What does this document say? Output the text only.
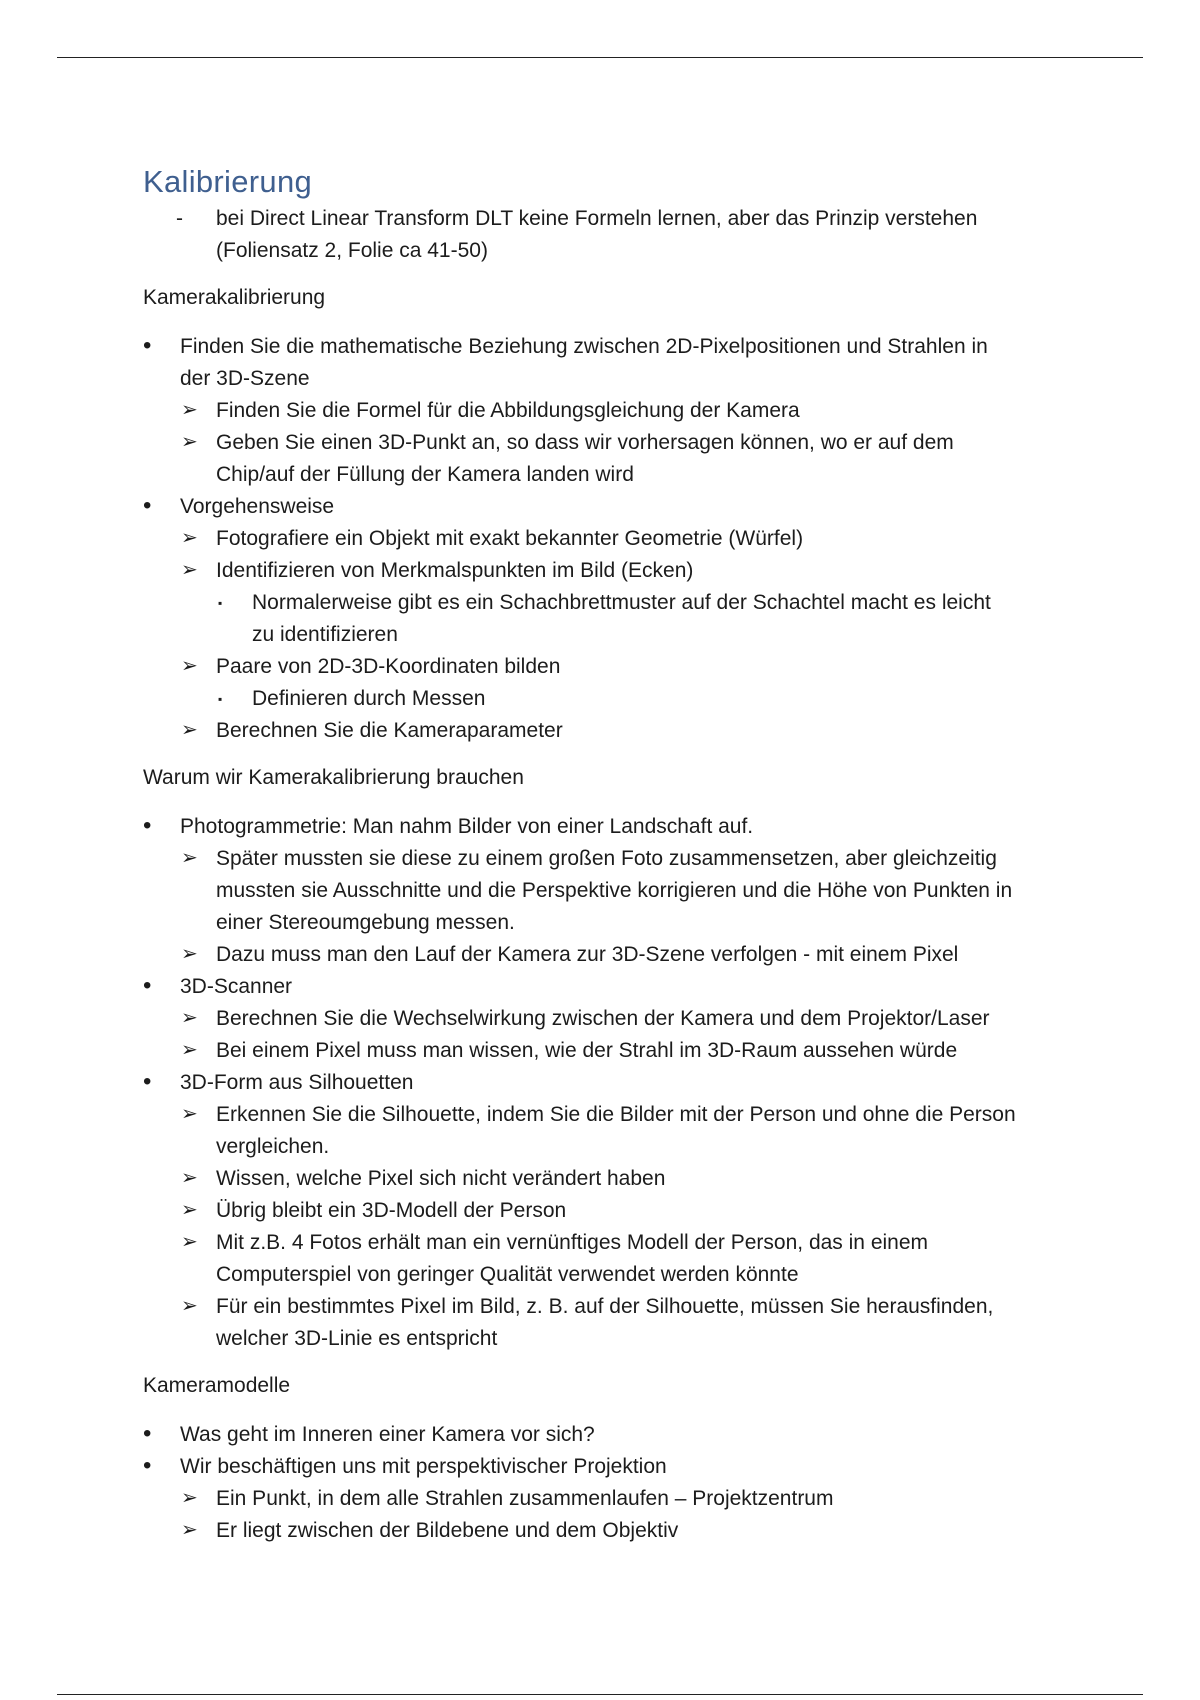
Kalibrierung
- bei Direct Linear Transform DLT keine Formeln lernen, aber das Prinzip verstehen
(Foliensatz 2, Folie ca 41-50)
Kamerakalibrierung
• Finden Sie die mathematische Beziehung zwischen 2D-Pixelpositionen und Strahlen in
der 3D-Szene
➢ Finden Sie die Formel für die Abbildungsgleichung der Kamera
➢ Geben Sie einen 3D-Punkt an, so dass wir vorhersagen können, wo er auf dem
Chip/auf der Füllung der Kamera landen wird
• Vorgehensweise
➢ Fotografiere ein Objekt mit exakt bekannter Geometrie (Würfel)
➢ Identifizieren von Merkmalspunkten im Bild (Ecken)
▪ Normalerweise gibt es ein Schachbrettmuster auf der Schachtel macht es leicht
zu identifizieren
➢ Paare von 2D-3D-Koordinaten bilden
▪ Definieren durch Messen
➢ Berechnen Sie die Kameraparameter
Warum wir Kamerakalibrierung brauchen
• Photogrammetrie: Man nahm Bilder von einer Landschaft auf.
➢ Später mussten sie diese zu einem großen Foto zusammensetzen, aber gleichzeitig
mussten sie Ausschnitte und die Perspektive korrigieren und die Höhe von Punkten in
einer Stereoumgebung messen.
➢ Dazu muss man den Lauf der Kamera zur 3D-Szene verfolgen - mit einem Pixel
• 3D-Scanner
➢ Berechnen Sie die Wechselwirkung zwischen der Kamera und dem Projektor/Laser
➢ Bei einem Pixel muss man wissen, wie der Strahl im 3D-Raum aussehen würde
• 3D-Form aus Silhouetten
➢ Erkennen Sie die Silhouette, indem Sie die Bilder mit der Person und ohne die Person
vergleichen.
➢ Wissen, welche Pixel sich nicht verändert haben
➢ Übrig bleibt ein 3D-Modell der Person
➢ Mit z.B. 4 Fotos erhält man ein vernünftiges Modell der Person, das in einem
Computerspiel von geringer Qualität verwendet werden könnte
➢ Für ein bestimmtes Pixel im Bild, z. B. auf der Silhouette, müssen Sie herausfinden,
welcher 3D-Linie es entspricht
Kameramodelle
• Was geht im Inneren einer Kamera vor sich?
• Wir beschäftigen uns mit perspektivischer Projektion
➢ Ein Punkt, in dem alle Strahlen zusammenlaufen – Projektzentrum
➢ Er liegt zwischen der Bildebene und dem Objektiv
